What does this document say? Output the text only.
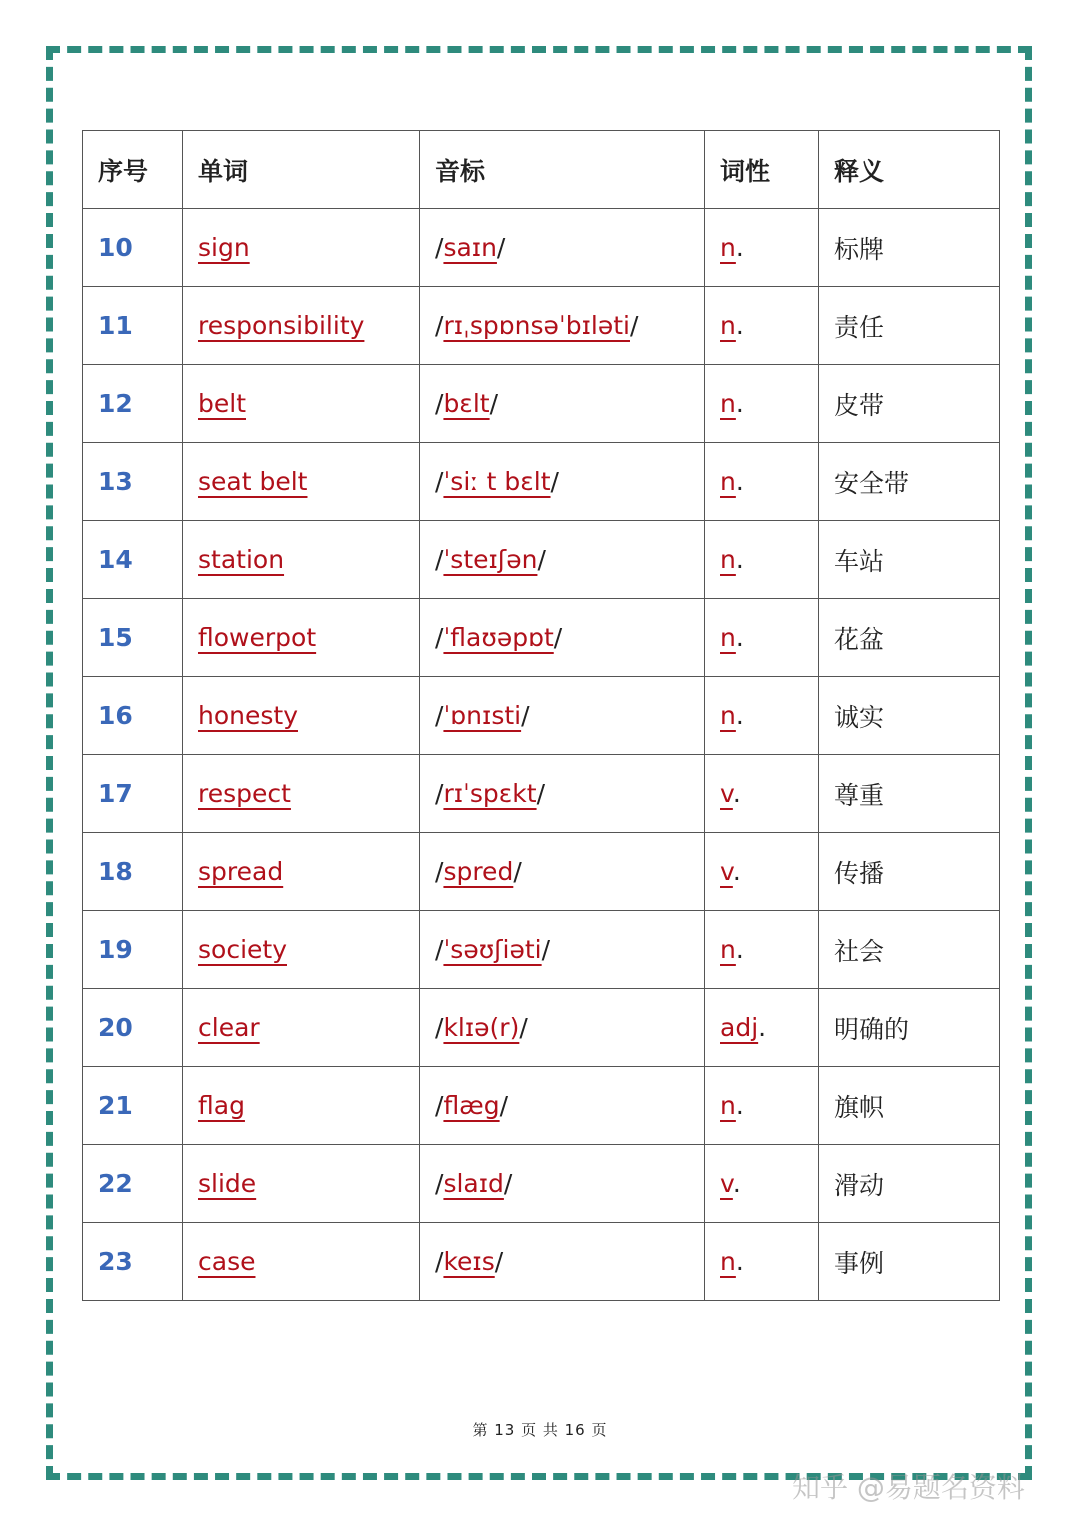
序号	单词	音标	词性	释义
10	sign	/saɪn/	n.	标牌
11	responsibility	/rɪˌspɒnsəˈbɪləti/	n.	责任
12	belt	/bɛlt/	n.	皮带
13	seat belt	/ˈsiː t bɛlt/	n.	安全带
14	station	/ˈsteɪʃən/	n.	车站
15	flowerpot	/ˈflaʊəpɒt/	n.	花盆
16	honesty	/ˈɒnɪsti/	n.	诚实
17	respect	/rɪˈspɛkt/	v.	尊重
18	spread	/spred/	v.	传播
19	society	/ˈsəʊʃiəti/	n.	社会
20	clear	/klɪə(r)/	adj.	明确的
21	flag	/flæg/	n.	旗帜
22	slide	/slaɪd/	v.	滑动
23	case	/keɪs/	n.	事例
第 13 页 共 16 页
知乎 @易题名资料
